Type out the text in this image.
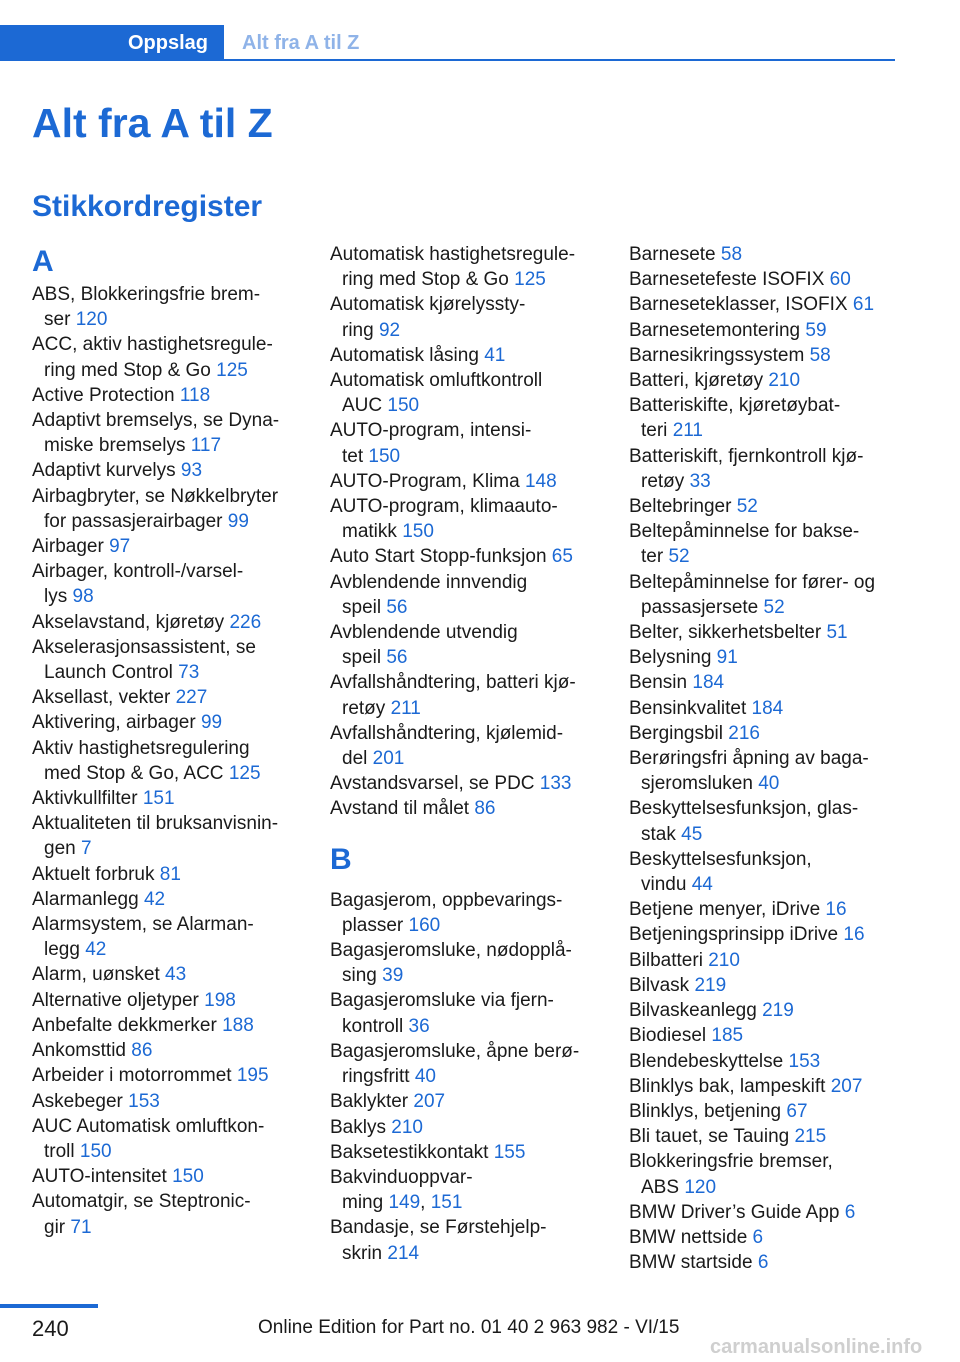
Oppslag	Alt fra A til Z
Alt fra A til Z
Stikkordregister
A
ABS, Blokkeringsfrie brem-
ser 120
ACC, aktiv hastighetsregule-
ring med Stop & Go 125
Active Protection 118
Adaptivt bremselys, se Dyna-
miske bremselys 117
Adaptivt kurvelys 93
Airbagbryter, se Nøkkelbryter
for passasjerairbager 99
Airbager 97
Airbager, kontroll-/varsel-
lys 98
Akselavstand, kjøretøy 226
Akselerasjonsassistent, se
Launch Control 73
Aksellast, vekter 227
Aktivering, airbager 99
Aktiv hastighetsregulering
med Stop & Go, ACC 125
Aktivkullfilter 151
Aktualiteten til bruksanvisnin-
gen 7
Aktuelt forbruk 81
Alarmanlegg 42
Alarmsystem, se Alarman-
legg 42
Alarm, uønsket 43
Alternative oljetyper 198
Anbefalte dekkmerker 188
Ankomsttid 86
Arbeider i motorrommet 195
Askebeger 153
AUC Automatisk omluftkon-
troll 150
AUTO-intensitet 150
Automatgir, se Steptronic-
gir 71
Automatisk hastighetsregule-
ring med Stop & Go 125
Automatisk kjørelyssty-
ring 92
Automatisk låsing 41
Automatisk omluftkontroll
AUC 150
AUTO-program, intensi-
tet 150
AUTO-Program, Klima 148
AUTO-program, klimaauto-
matikk 150
Auto Start Stopp-funksjon 65
Avblendende innvendig
speil 56
Avblendende utvendig
speil 56
Avfallshåndtering, batteri kjø-
retøy 211
Avfallshåndtering, kjølemid-
del 201
Avstandsvarsel, se PDC 133
Avstand til målet 86
B
Bagasjerom, oppbevarings-
plasser 160
Bagasjeromsluke, nødopplå-
sing 39
Bagasjeromsluke via fjern-
kontroll 36
Bagasjeromsluke, åpne berø-
ringsfritt 40
Baklykter 207
Baklys 210
Baksetestikkontakt 155
Bakvinduoppvar-
ming 149, 151
Bandasje, se Førstehjelp-
skrin 214
Barnesete 58
Barnesetefeste ISOFIX 60
Barneseteklasser, ISOFIX 61
Barnesetemontering 59
Barnesikringssystem 58
Batteri, kjøretøy 210
Batteriskifte, kjøretøybat-
teri 211
Batteriskift, fjernkontroll kjø-
retøy 33
Beltebringer 52
Beltepåminnelse for bakse-
ter 52
Beltepåminnelse for fører- og
passasjersete 52
Belter, sikkerhetsbelter 51
Belysning 91
Bensin 184
Bensinkvalitet 184
Bergingsbil 216
Berøringsfri åpning av baga-
sjeromsluken 40
Beskyttelsesfunksjon, glas-
stak 45
Beskyttelsesfunksjon,
vindu 44
Betjene menyer, iDrive 16
Betjeningsprinsipp iDrive 16
Bilbatteri 210
Bilvask 219
Bilvaskeanlegg 219
Biodiesel 185
Blendebeskyttelse 153
Blinklys bak, lampeskift 207
Blinklys, betjening 67
Bli tauet, se Tauing 215
Blokkeringsfrie bremser,
ABS 120
BMW Driver’s Guide App 6
BMW nettside 6
BMW startside 6
240	Online Edition for Part no. 01 40 2 963 982 - VI/15
carmanualsonline.info
